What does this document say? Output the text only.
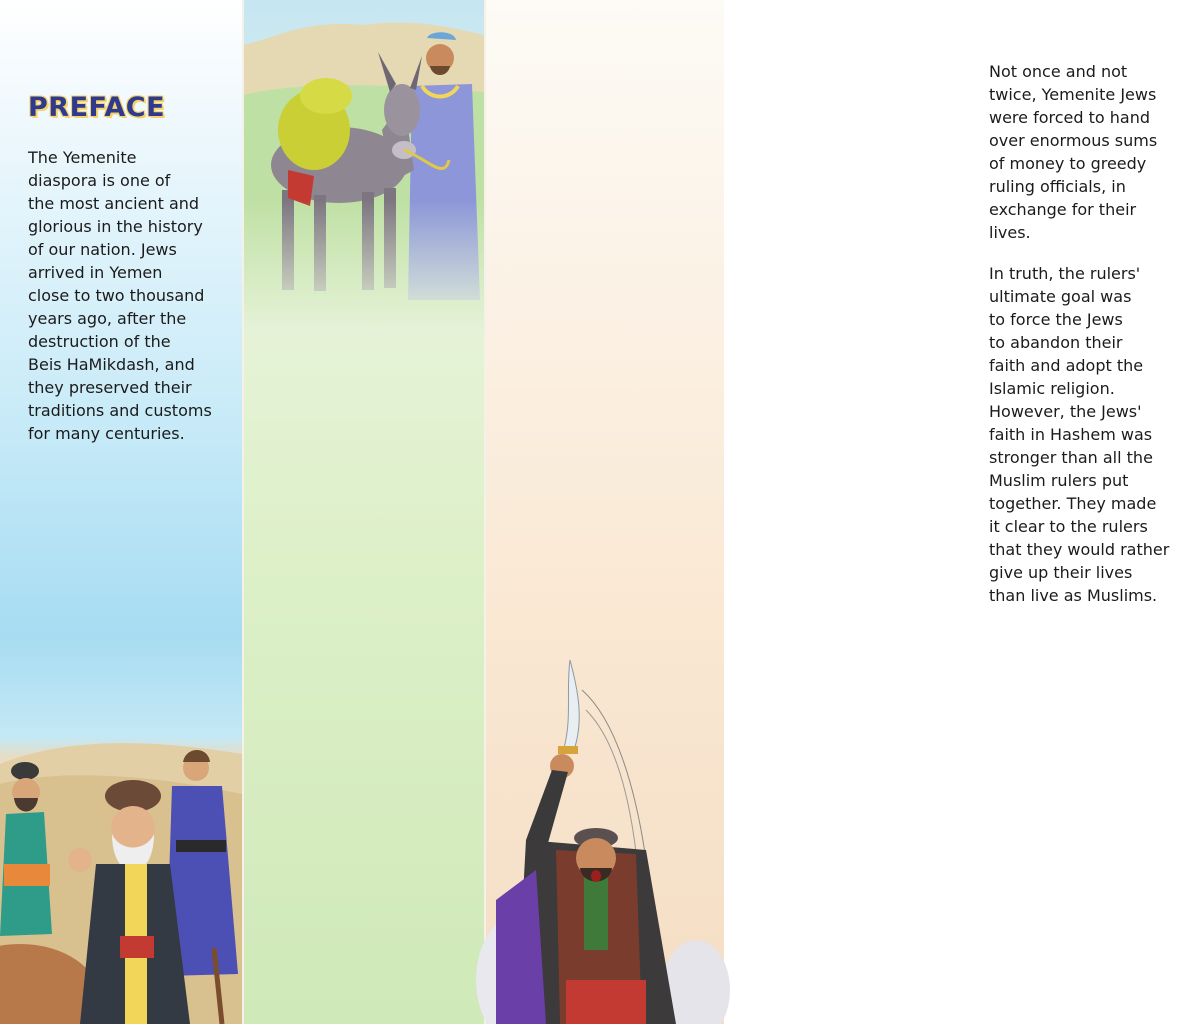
PREFACE

The Yemenite
diaspora is one of
the most ancient and
glorious in the history
of our nation. Jews
arrived in Yemen
close to two thousand
years ago, after the
destruction of the
Beis HaMikdash, and
they preserved their
traditions and customs
for many centuries.

Not once and not
twice, Yemenite Jews
were forced to hand
over enormous sums
of money to greedy
ruling officials, in
exchange for their
lives.

In truth, the rulers'
ultimate goal was
to force the Jews
to abandon their
faith and adopt the
Islamic religion.
However, the Jews'
faith in Hashem was
stronger than all the
Muslim rulers put
together. They made
it clear to the rulers
that they would rather
give up their lives
than live as Muslims.
